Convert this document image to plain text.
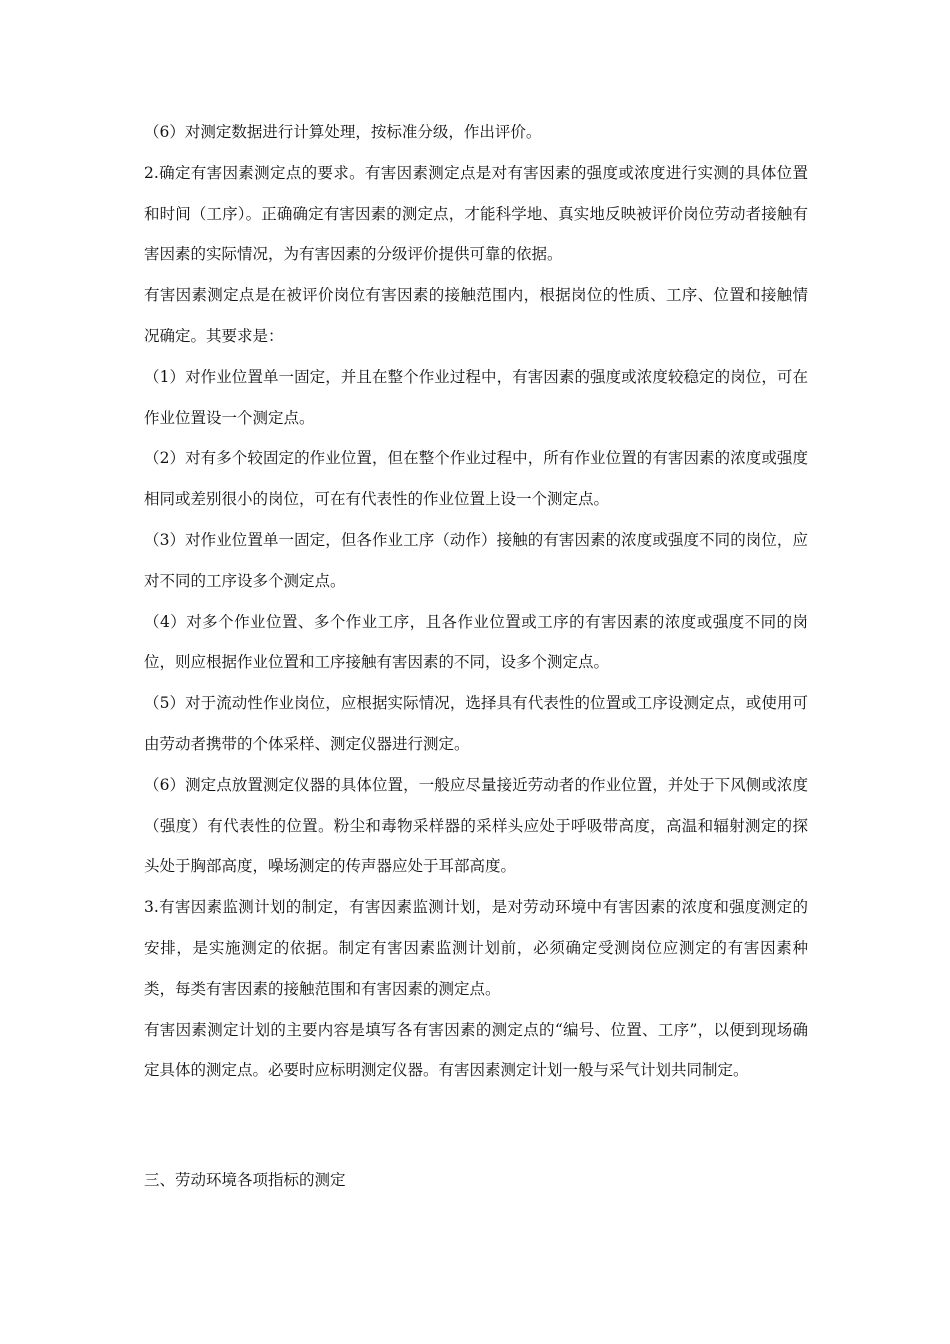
（6）对测定数据进行计算处理，按标准分级，作出评价。

2.确定有害因素测定点的要求。有害因素测定点是对有害因素的强度或浓度进行实测的具体位置和时间（工序）。正确确定有害因素的测定点，才能科学地、真实地反映被评价岗位劳动者接触有害因素的实际情况，为有害因素的分级评价提供可靠的依据。

有害因素测定点是在被评价岗位有害因素的接触范围内，根据岗位的性质、工序、位置和接触情况确定。其要求是：

（1）对作业位置单一固定，并且在整个作业过程中，有害因素的强度或浓度较稳定的岗位，可在作业位置设一个测定点。

（2）对有多个较固定的作业位置，但在整个作业过程中，所有作业位置的有害因素的浓度或强度相同或差别很小的岗位，可在有代表性的作业位置上设一个测定点。

（3）对作业位置单一固定，但各作业工序（动作）接触的有害因素的浓度或强度不同的岗位，应对不同的工序设多个测定点。

（4）对多个作业位置、多个作业工序，且各作业位置或工序的有害因素的浓度或强度不同的岗位，则应根据作业位置和工序接触有害因素的不同，设多个测定点。

（5）对于流动性作业岗位，应根据实际情况，选择具有代表性的位置或工序设测定点，或使用可由劳动者携带的个体采样、测定仪器进行测定。

（6）测定点放置测定仪器的具体位置，一般应尽量接近劳动者的作业位置，并处于下风侧或浓度（强度）有代表性的位置。粉尘和毒物采样器的采样头应处于呼吸带高度，高温和辐射测定的探头处于胸部高度，噪场测定的传声器应处于耳部高度。

3.有害因素监测计划的制定，有害因素监测计划，是对劳动环境中有害因素的浓度和强度测定的安排，是实施测定的依据。制定有害因素监测计划前，必须确定受测岗位应测定的有害因素种类，每类有害因素的接触范围和有害因素的测定点。

有害因素测定计划的主要内容是填写各有害因素的测定点的“编号、位置、工序”，以便到现场确定具体的测定点。必要时应标明测定仪器。有害因素测定计划一般与采气计划共同制定。

三、劳动环境各项指标的测定
